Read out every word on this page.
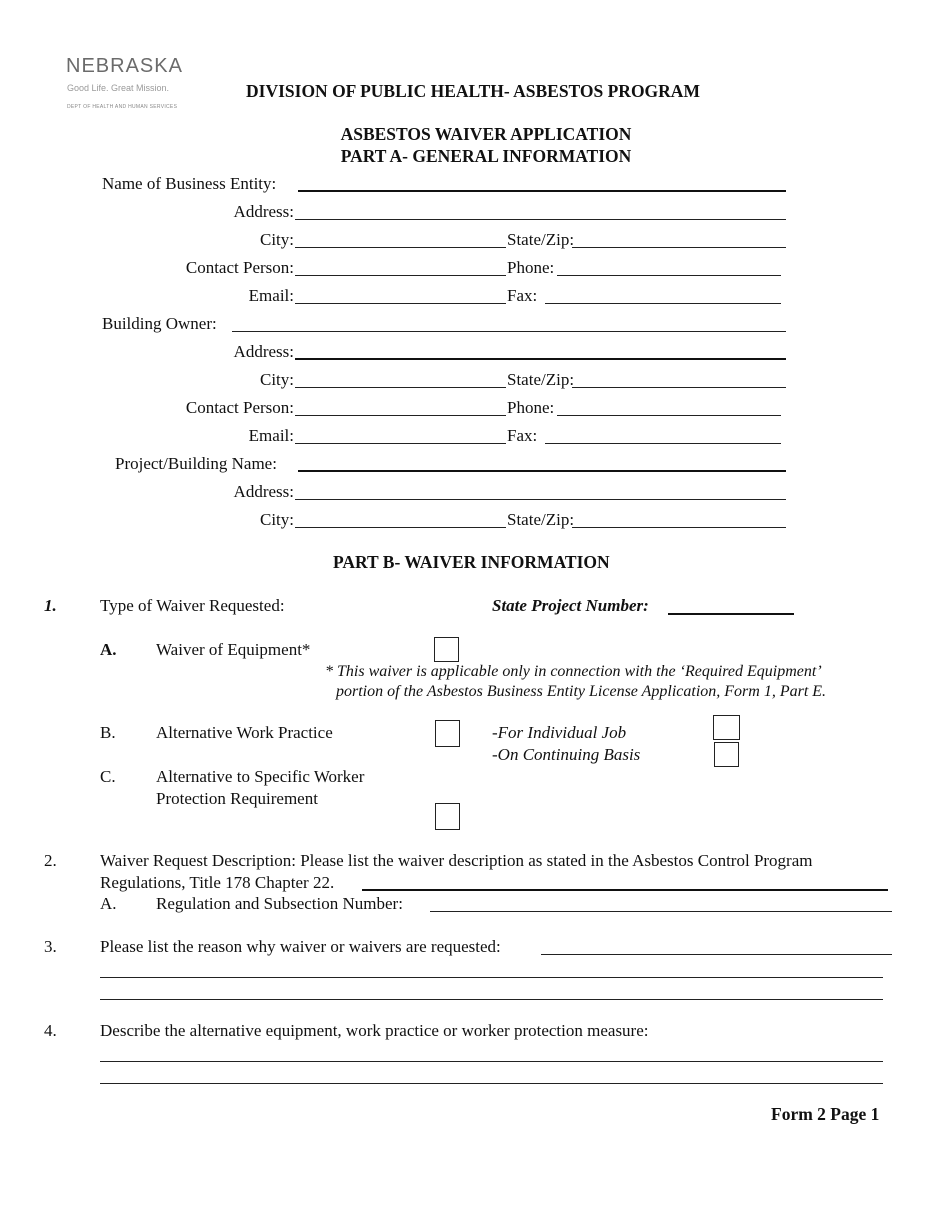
NEBRASKA
Good Life. Great Mission.
DEPT OF HEALTH AND HUMAN SERVICES
DIVISION OF PUBLIC HEALTH- ASBESTOS PROGRAM
ASBESTOS WAIVER APPLICATION
PART A- GENERAL INFORMATION
Name of Business Entity:
Address:
City:	State/Zip:
Contact Person:	Phone:
Email:	Fax:
Building Owner:
Address:
City:	State/Zip:
Contact Person:	Phone:
Email:	Fax:
Project/Building Name:
Address:
City:	State/Zip:
PART B- WAIVER INFORMATION
1.	Type of Waiver Requested:	State Project Number:
A. Waiver of Equipment*
* This waiver is applicable only in connection with the ‘Required Equipment’
portion of the Asbestos Business Entity License Application, Form 1, Part E.
B. Alternative Work Practice	-For Individual Job
-On Continuing Basis
C. Alternative to Specific Worker
Protection Requirement
2.	Waiver Request Description: Please list the waiver description as stated in the Asbestos Control Program
Regulations, Title 178 Chapter 22.
A. Regulation and Subsection Number:
3.	Please list the reason why waiver or waivers are requested:
4.	Describe the alternative equipment, work practice or worker protection measure:
Form 2 Page 1
